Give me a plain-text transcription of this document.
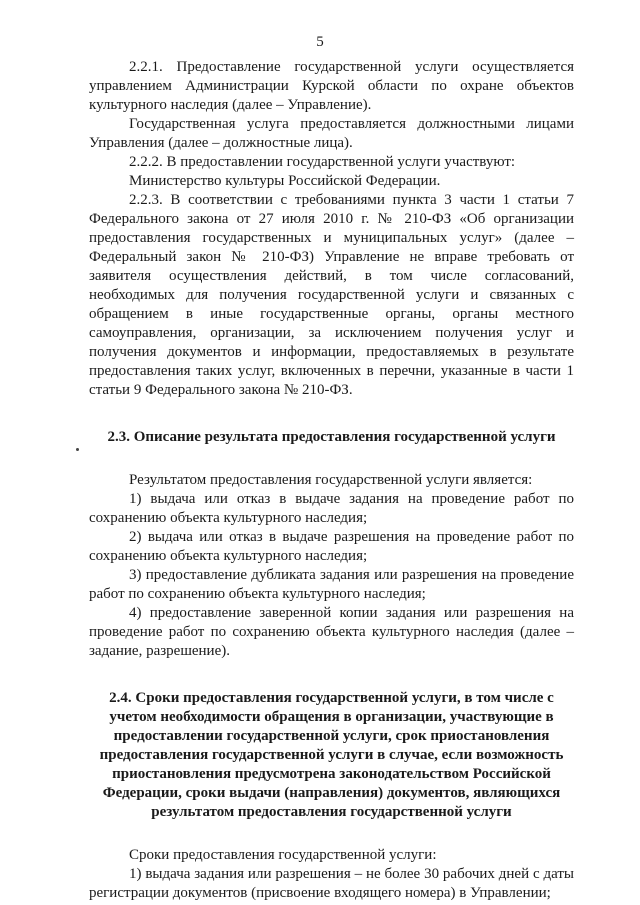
5

2.2.1. Предоставление государственной услуги осуществляется управлением Администрации Курской области по охране объектов культурного наследия (далее – Управление).

Государственная услуга предоставляется должностными лицами Управления (далее – должностные лица).

2.2.2. В предоставлении государственной услуги участвуют:

Министерство культуры Российской Федерации.

2.2.3. В соответствии с требованиями пункта 3 части 1 статьи 7 Федерального закона от 27 июля 2010 г. № 210-ФЗ «Об организации предоставления государственных и муниципальных услуг» (далее – Федеральный закон № 210-ФЗ) Управление не вправе требовать от заявителя осуществления действий, в том числе согласований, необходимых для получения государственной услуги и связанных с обращением в иные государственные органы, органы местного самоуправления, организации, за исключением получения услуг и получения документов и информации, предоставляемых в результате предоставления таких услуг, включенных в перечни, указанные в части 1 статьи 9 Федерального закона № 210-ФЗ.

2.3. Описание результата предоставления государственной услуги

Результатом предоставления государственной услуги является:

1) выдача или отказ в выдаче задания на проведение работ по сохранению объекта культурного наследия;

2) выдача или отказ в выдаче разрешения на проведение работ по сохранению объекта культурного наследия;

3) предоставление дубликата задания или разрешения на проведение работ по сохранению объекта культурного наследия;

4) предоставление заверенной копии задания или разрешения на проведение работ по сохранению объекта культурного наследия (далее – задание, разрешение).

2.4. Сроки предоставления государственной услуги, в том числе с учетом необходимости обращения в организации, участвующие в предоставлении государственной услуги, срок приостановления предоставления государственной услуги в случае, если возможность приостановления предусмотрена законодательством Российской Федерации, сроки выдачи (направления) документов, являющихся результатом предоставления государственной услуги

Сроки предоставления государственной услуги:

1) выдача задания или разрешения – не более 30 рабочих дней с даты регистрации документов (присвоение входящего номера) в Управлении;
